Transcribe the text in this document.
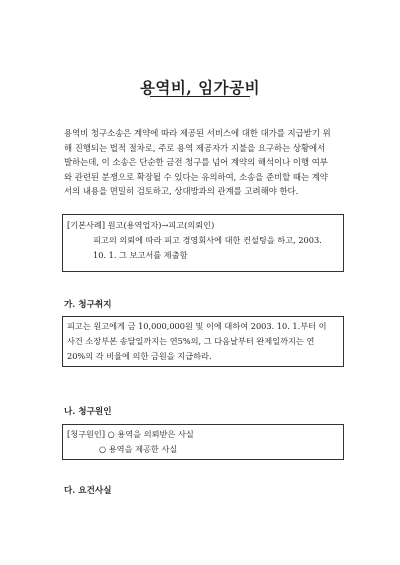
용역비, 임가공비
용역비 청구소송은 계약에 따라 제공된 서비스에 대한 대가를 지급받기 위
해 진행되는 법적 절차로, 주로 용역 제공자가 지불을 요구하는 상황에서
발하는데, 이 소송은 단순한 금전 청구를 넘어 계약의 해석이나 이행 여부
와 관련된 분쟁으로 확장될 수 있다는 유의하여, 소송을 준비할 때는 계약
서의 내용을 면밀히 검토하고, 상대방과의 관계를 고려해야 한다.
[기본사례] 원고(용역업자)→피고(의뢰인)
피고의 의뢰에 따라 피고 경영회사에 대한 컨설팅을 하고, 2003.
10. 1. 그 보고서를 제출함
가. 청구취지
피고는 원고에게 금 10,000,000원 및 이에 대하여 2003. 10. 1.부터 이
사건 소장부본 송달일까지는 연5%의, 그 다음날부터 완제일까지는 연
20%의 각 비율에 의한 금원을 지급하라.
나. 청구원인
[청구원인] ○ 용역을 의뢰받은 사실
○ 용역을 제공한 사실
다. 요건사실
